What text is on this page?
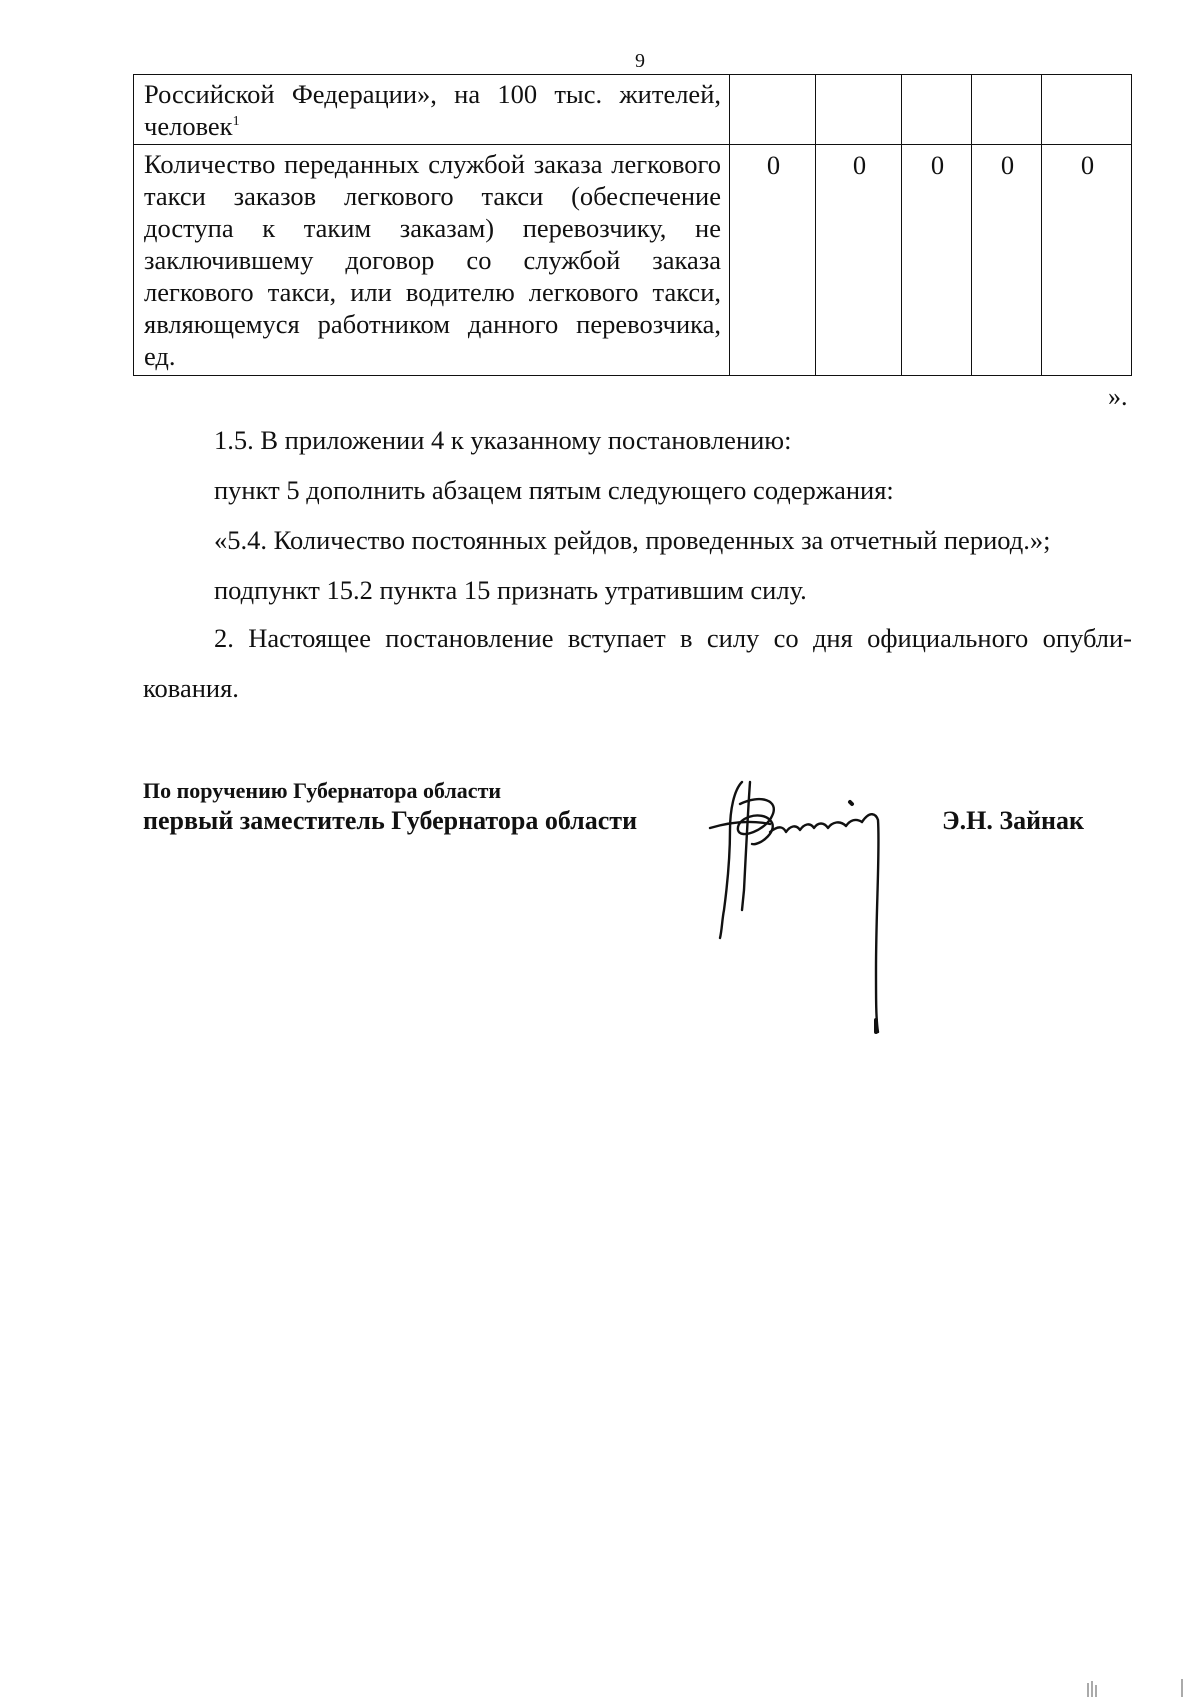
9
Российской Федерации», на 100 тыс. жителей, человек$^1$					
Количество переданных службой заказа легкового такси заказов легкового такси (обеспечение доступа к таким заказам) перевозчику, не заключившему договор со службой заказа легкового такси, или водителю легкового такси, являющемуся работником данного перевозчика, ед.	0	0	0	0	0
».
1.5. В приложении 4 к указанному постановлению:
пункт 5 дополнить абзацем пятым следующего содержания:
«5.4. Количество постоянных рейдов, проведенных за отчетный период.»;
подпункт 15.2 пункта 15 признать утратившим силу.
2. Настоящее постановление вступает в силу со дня официального опубли-
кования.
По поручению Губернатора области
первый заместитель Губернатора области	Э.Н. Зайнак
